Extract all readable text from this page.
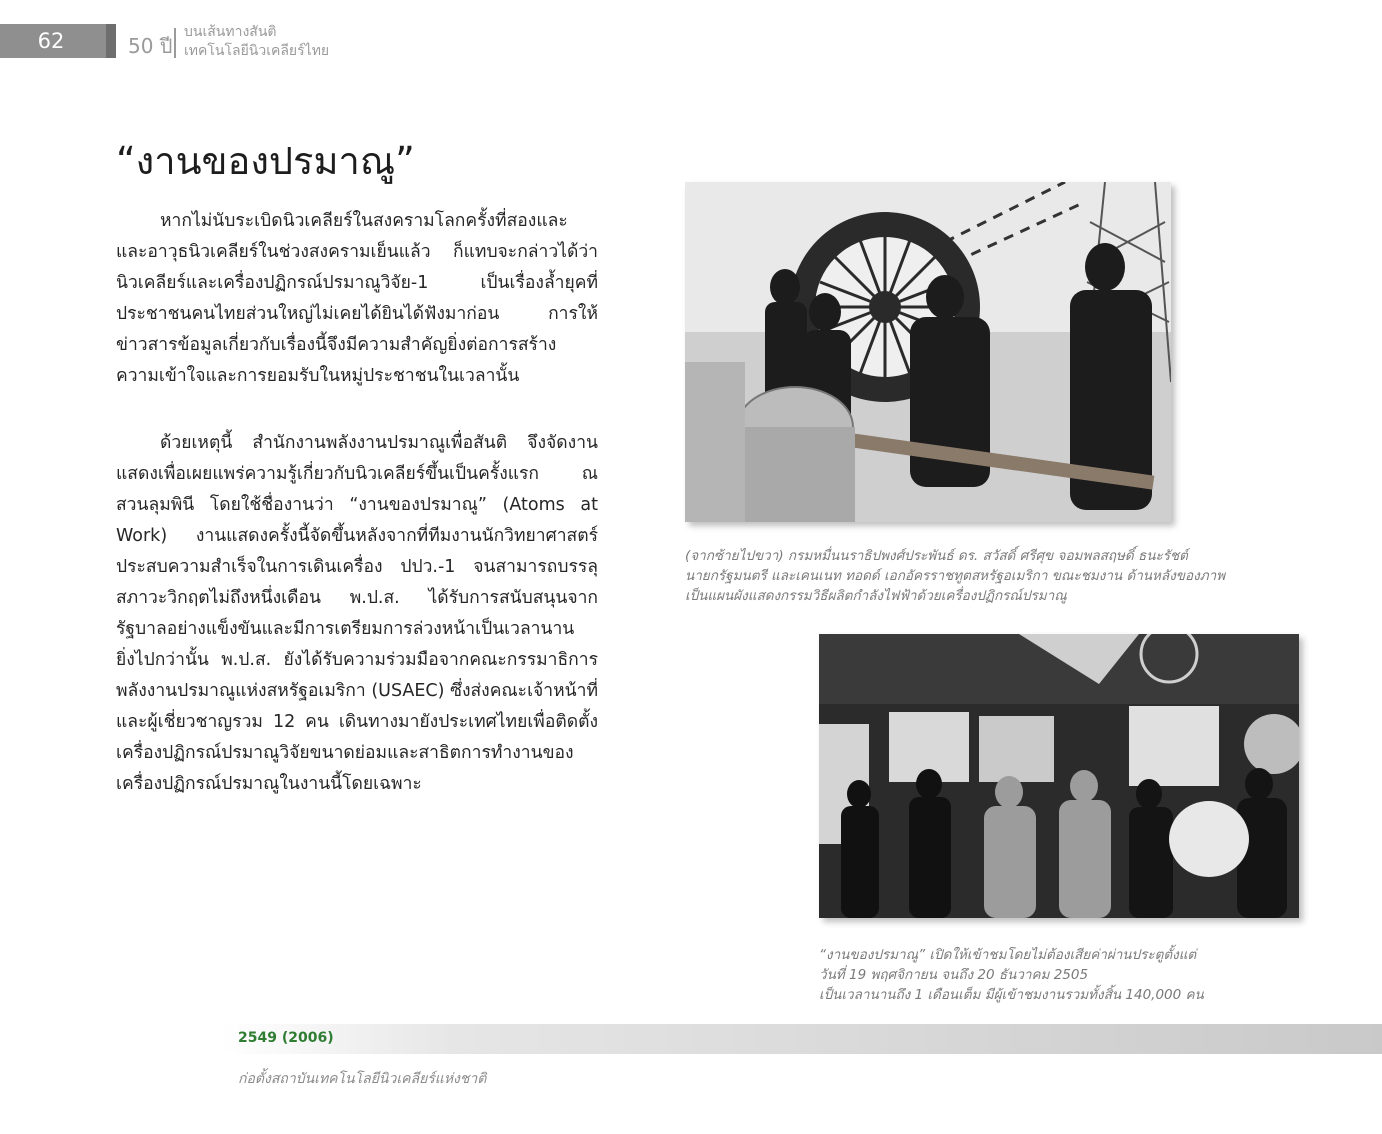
62	50 ปี
บนเส้นทางสันติ
เทคโนโลยีนิวเคลียร์ไทย
“งานของปรมาณู”

หากไม่นับระเบิดนิวเคลียร์ในสงครามโลกครั้งที่สองและและอาวุธนิวเคลียร์ในช่วงสงครามเย็นแล้ว ก็แทบจะกล่าวได้ว่า นิวเคลียร์และเครื่องปฏิกรณ์ปรมาณูวิจัย-1 เป็นเรื่องล้ำยุคที่ประชาชนคนไทยส่วนใหญ่ไม่เคยได้ยินได้ฟังมาก่อน การให้ข่าวสารข้อมูลเกี่ยวกับเรื่องนี้จึงมีความสำคัญยิ่งต่อการสร้างความเข้าใจและการยอมรับในหมู่ประชาชนในเวลานั้น

ด้วยเหตุนี้ สำนักงานพลังงานปรมาณูเพื่อสันติ จึงจัดงานแสดงเพื่อเผยแพร่ความรู้เกี่ยวกับนิวเคลียร์ขึ้นเป็นครั้งแรก ณ สวนลุมพินี โดยใช้ชื่องานว่า “งานของปรมาณู” (Atoms at Work) งานแสดงครั้งนี้จัดขึ้นหลังจากที่ทีมงานนักวิทยาศาสตร์ประสบความสำเร็จในการเดินเครื่อง ปปว.-1 จนสามารถบรรลุสภาวะวิกฤตไม่ถึงหนึ่งเดือน พ.ป.ส. ได้รับการสนับสนุนจากรัฐบาลอย่างแข็งขันและมีการเตรียมการล่วงหน้าเป็นเวลานาน ยิ่งไปกว่านั้น พ.ป.ส. ยังได้รับความร่วมมือจากคณะกรรมาธิการพลังงานปรมาณูแห่งสหรัฐอเมริกา (USAEC) ซึ่งส่งคณะเจ้าหน้าที่และผู้เชี่ยวชาญรวม 12 คน เดินทางมายังประเทศไทยเพื่อติดตั้งเครื่องปฏิกรณ์ปรมาณูวิจัยขนาดย่อมและสาธิตการทำงานของเครื่องปฏิกรณ์ปรมาณูในงานนี้โดยเฉพาะ

(จากซ้ายไปขวา) กรมหมื่นนราธิปพงศ์ประพันธ์ ดร. สวัสดิ์ ศรีศุข จอมพลสฤษดิ์ ธนะรัชต์
นายกรัฐมนตรี และเคนเนท ทอดด์ เอกอัครราชทูตสหรัฐอเมริกา ขณะชมงาน ด้านหลังของภาพ
เป็นแผนผังแสดงกรรมวิธีผลิตกำลังไฟฟ้าด้วยเครื่องปฏิกรณ์ปรมาณู
“งานของปรมาณู” เปิดให้เข้าชมโดยไม่ต้องเสียค่าผ่านประตูตั้งแต่
วันที่ 19 พฤศจิกายน จนถึง 20 ธันวาคม 2505
เป็นเวลานานถึง 1 เดือนเต็ม มีผู้เข้าชมงานรวมทั้งสิ้น 140,000 คน
2549 (2006)
ก่อตั้งสถาบันเทคโนโลยีนิวเคลียร์แห่งชาติ
